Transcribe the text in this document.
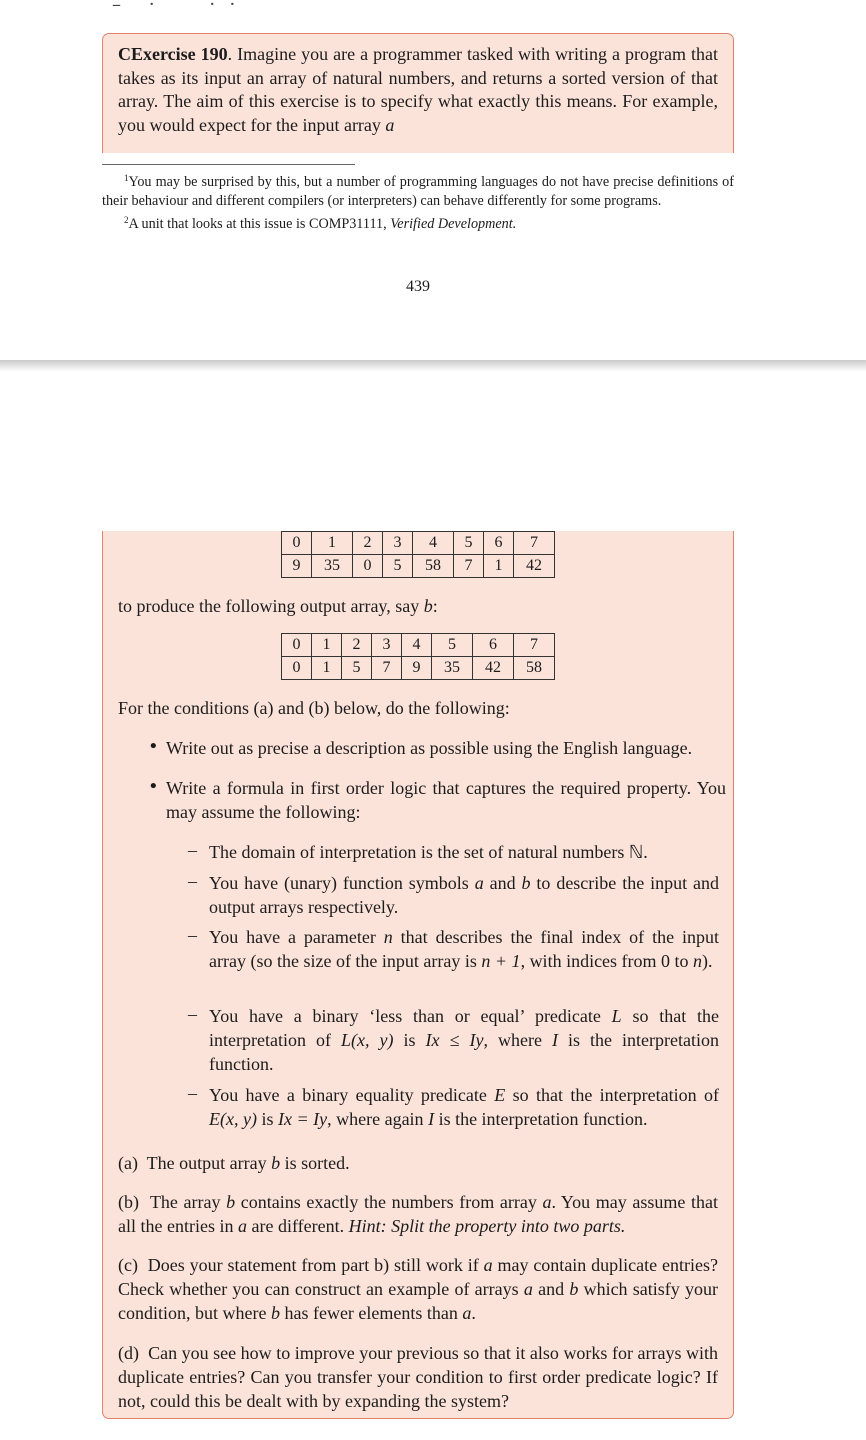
–    ·        ·  ·

CExercise 190. Imagine you are a programmer tasked with writing a program that takes as its input an array of natural numbers, and returns a sorted version of that array. The aim of this exercise is to specify what exactly this means. For example, you would expect for the input array a

$^1$You may be surprised by this, but a number of programming languages do not have precise definitions of their behaviour and different compilers (or interpreters) can behave differently for some programs.

$^2$A unit that looks at this issue is COMP31111, Verified Development.

439
0	1	2	3	4	5	6	7
9	35	0	5	58	7	1	42
to produce the following output array, say b:
0	1	2	3	4	5	6	7
0	1	5	7	9	35	42	58
For the conditions (a) and (b) below, do the following:
• Write out as precise a description as possible using the English language.

• Write a formula in first order logic that captures the required property. You may assume the following:

– The domain of interpretation is the set of natural numbers ℕ.

– You have (unary) function symbols a and b to describe the input and output arrays respectively.

– You have a parameter n that describes the final index of the input array (so the size of the input array is n + 1, with indices from 0 to n).

– You have a binary ‘less than or equal’ predicate L so that the interpretation of L(x, y) is Ix ≤ Iy, where I is the interpretation function.

– You have a binary equality predicate E so that the interpretation of E(x, y) is Ix = Iy, where again I is the interpretation function.

(a) The output array b is sorted.

(b) The array b contains exactly the numbers from array a. You may assume that all the entries in a are different. Hint: Split the property into two parts.

(c) Does your statement from part b) still work if a may contain duplicate entries? Check whether you can construct an example of arrays a and b which satisfy your condition, but where b has fewer elements than a.

(d) Can you see how to improve your previous so that it also works for arrays with duplicate entries? Can you transfer your condition to first order predicate logic? If not, could this be dealt with by expanding the system?
